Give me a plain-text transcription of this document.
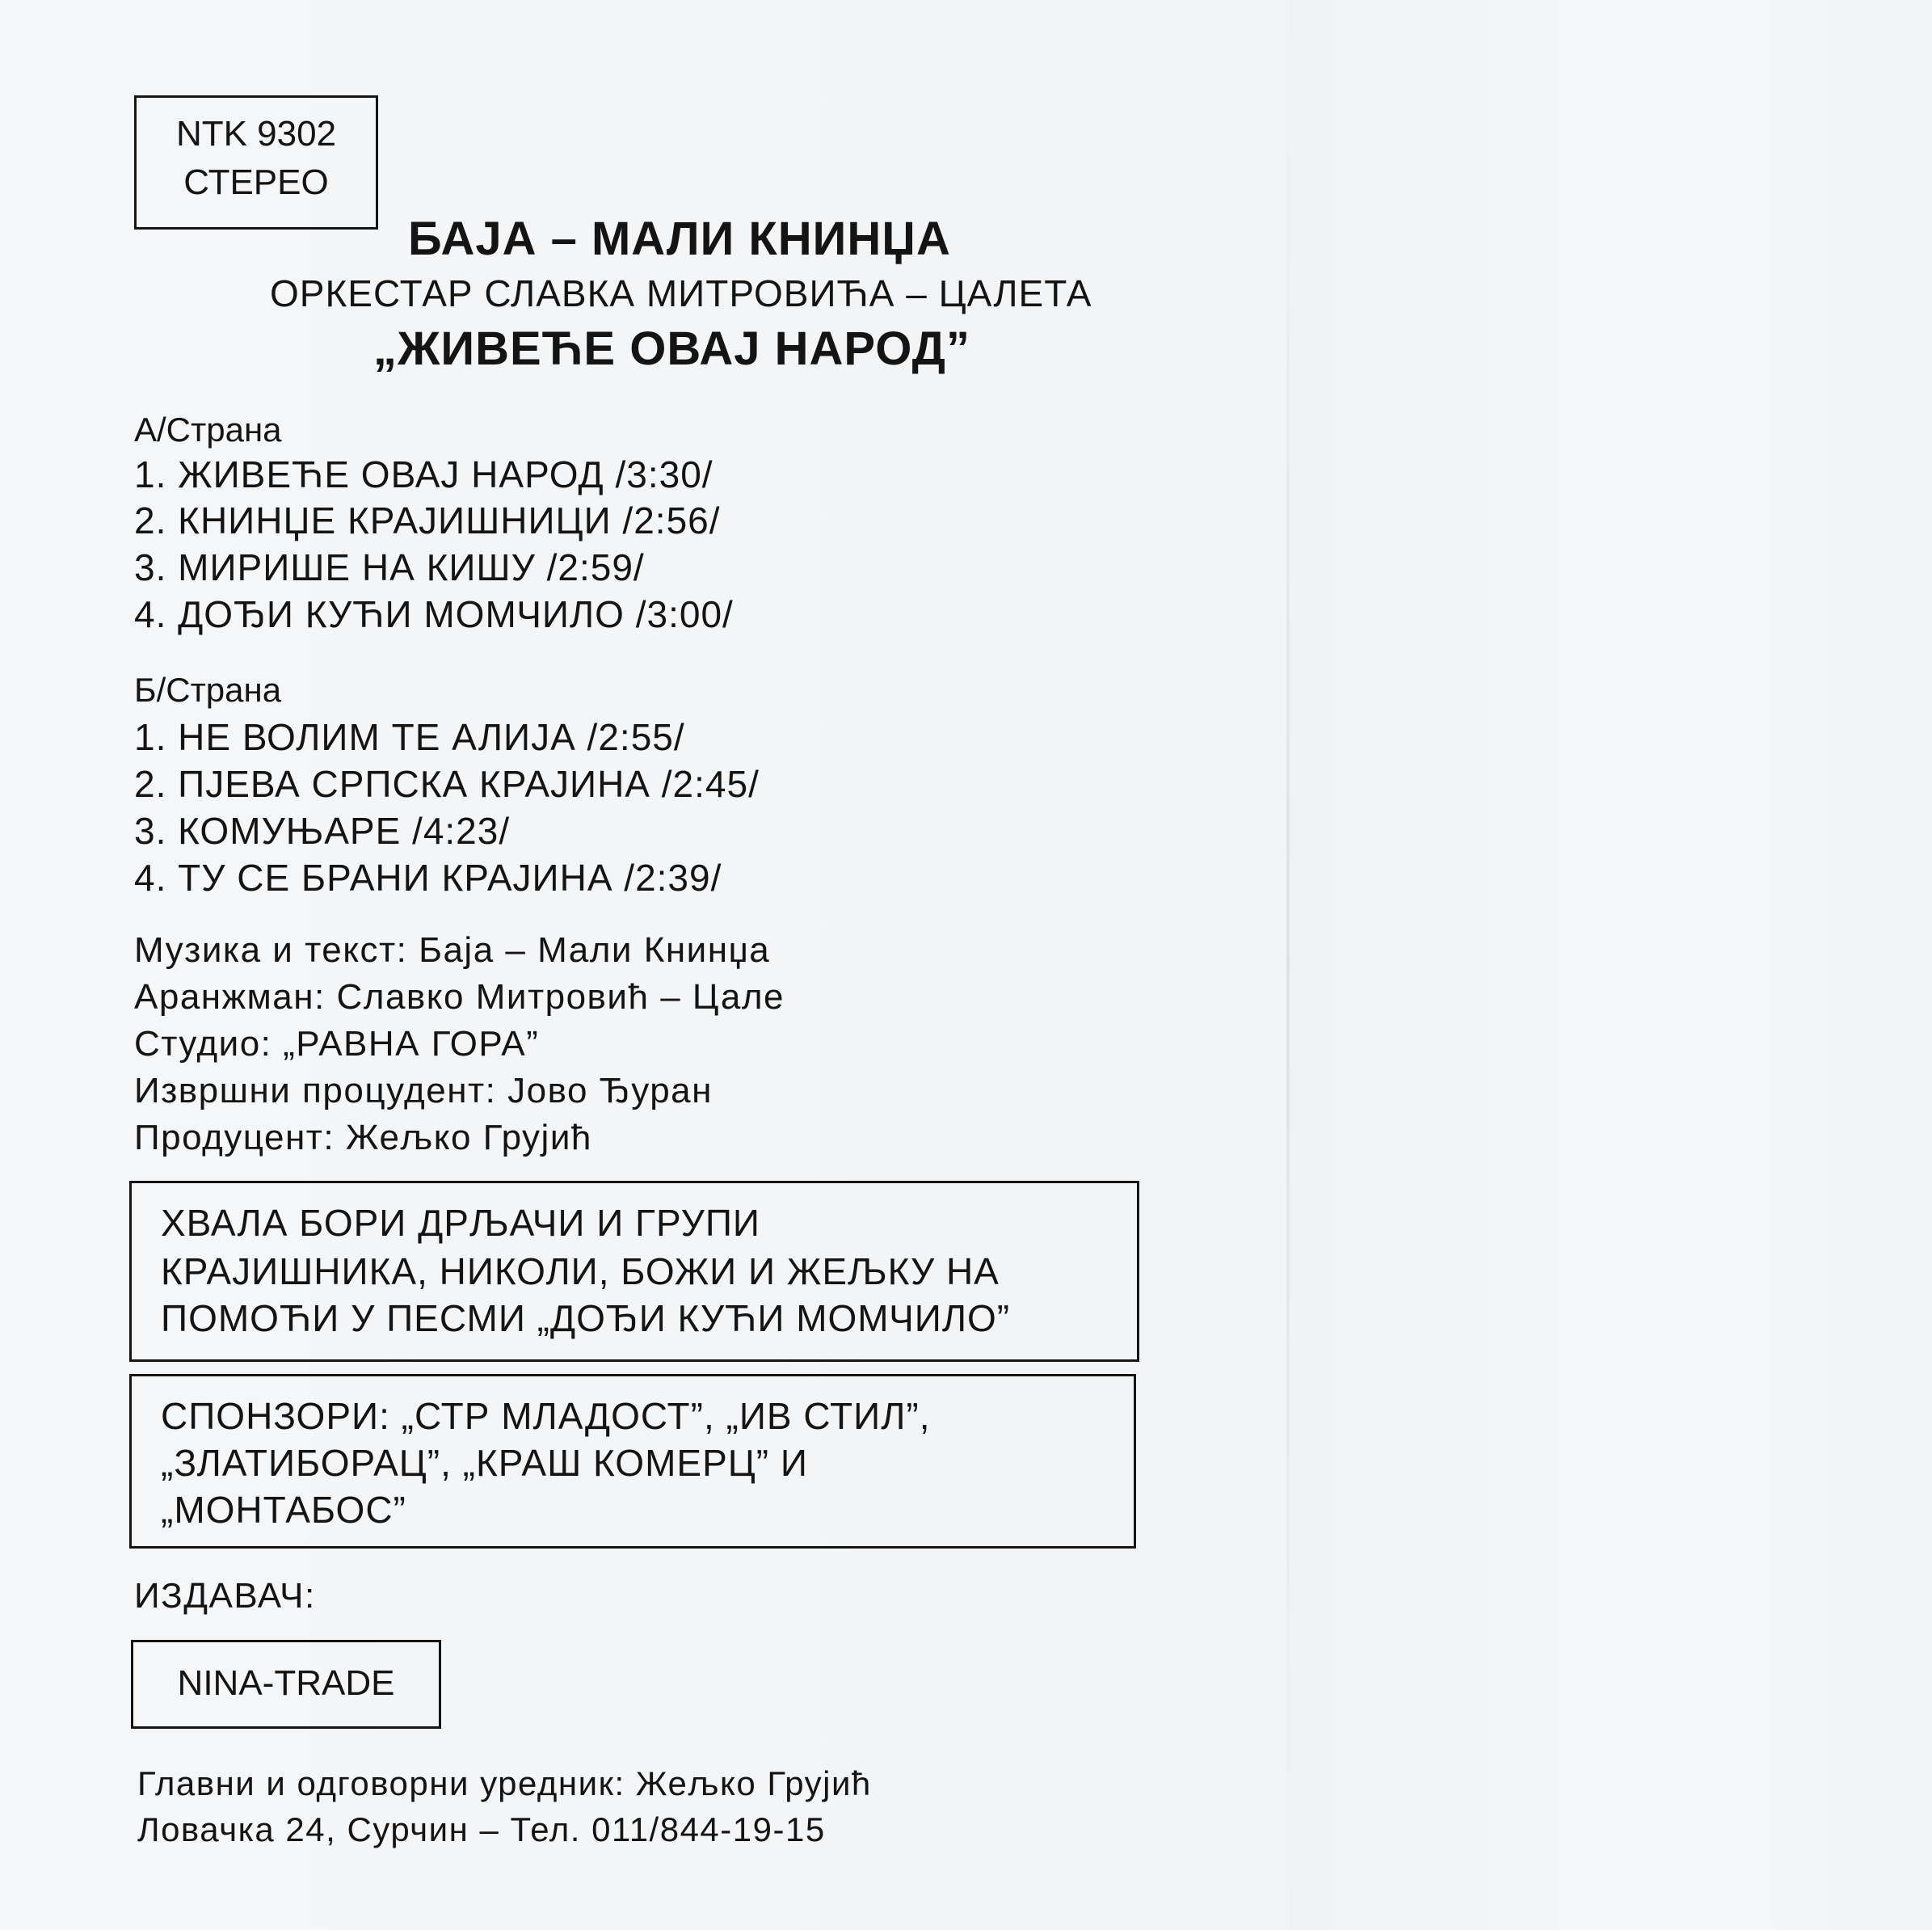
NTK 9302
СТЕРЕО
БАЈА – МАЛИ КНИНЏА
ОРКЕСТАР СЛАВКА МИТРОВИЋА – ЦАЛЕТА
„ЖИВЕЋЕ ОВАЈ НАРОД”
A/Страна
1. ЖИВЕЋЕ ОВАЈ НАРОД /3:30/
2. КНИНЏЕ КРАЈИШНИЦИ /2:56/
3. МИРИШЕ НА КИШУ /2:59/
4. ДОЂИ КУЋИ МОМЧИЛО /3:00/
Б/Страна
1. НЕ ВОЛИМ ТЕ АЛИЈА /2:55/
2. ПЈЕВА СРПСКА КРАЈИНА /2:45/
3. КОМУЊАРЕ /4:23/
4. ТУ СЕ БРАНИ КРАЈИНА /2:39/
Музика и текст: Баја – Мали Книнџа
Аранжман: Славко Митровић – Цале
Студио: „РАВНА ГОРА”
Извршни процудент: Јово Ђуран
Продуцент: Жељко Грујић
ХВАЛА БОРИ ДРЉАЧИ И ГРУПИ
КРАЈИШНИКА, НИКОЛИ, БОЖИ И ЖЕЉКУ НА
ПОМОЋИ У ПЕСМИ „ДОЂИ КУЋИ МОМЧИЛО”
СПОНЗОРИ: „СТР МЛАДОСТ”, „ИВ СТИЛ”,
„ЗЛАТИБОРАЦ”, „КРАШ КОМЕРЦ” И
„МОНТАБОС”
ИЗДАВАЧ:
NINA-TRADE
Главни и одговорни уредник: Жељко Грујић
Ловачка 24, Сурчин – Тел. 011/844-19-15
